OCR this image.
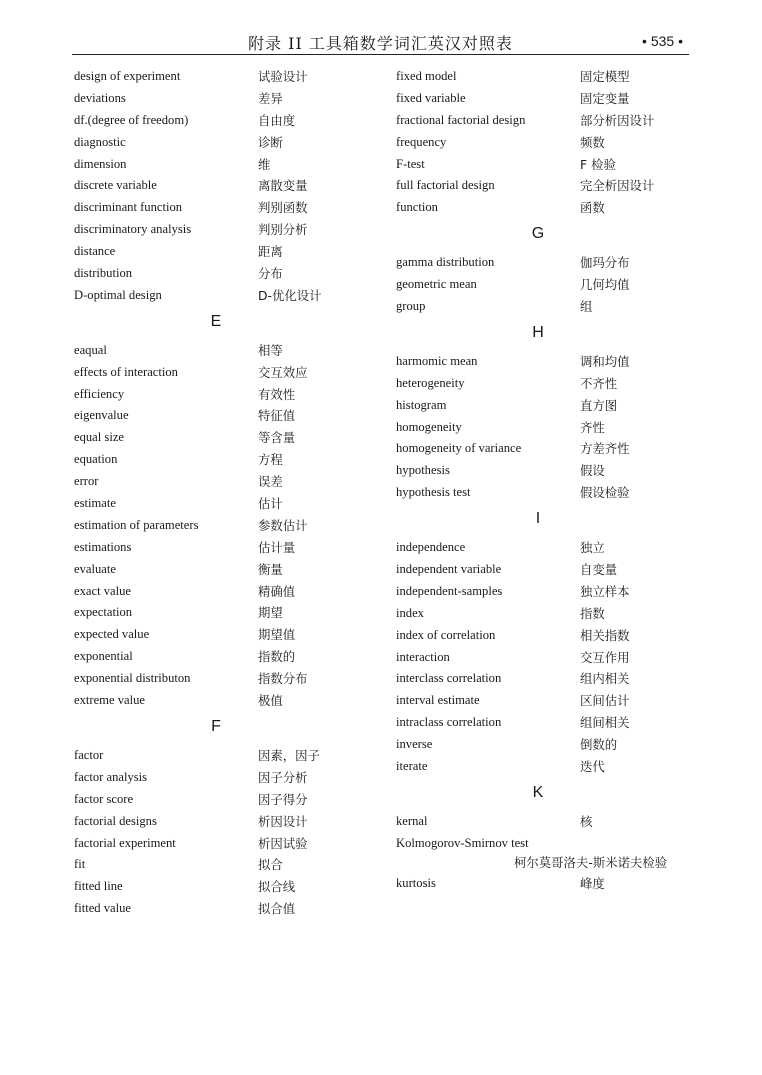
附录 II 工具箱数学词汇英汉对照表	• 535 •
design of experiment	试验设计
deviations	差异
df.(degree of freedom)	自由度
diagnostic	诊断
dimension	维
discrete variable	离散变量
discriminant function	判别函数
discriminatory analysis	判别分析
distance	距离
distribution	分布
D-optimal design	D-优化设计
E
eaqual	相等
effects of interaction	交互效应
efficiency	有效性
eigenvalue	特征值
equal size	等含量
equation	方程
error	误差
estimate	估计
estimation of parameters	参数估计
estimations	估计量
evaluate	衡量
exact value	精确值
expectation	期望
expected value	期望值
exponential	指数的
exponential distributon	指数分布
extreme value	极值
F
factor	因素，因子
factor analysis	因子分析
factor score	因子得分
factorial designs	析因设计
factorial experiment	析因试验
fit	拟合
fitted line	拟合线
fitted value	拟合值
fixed model	固定模型
fixed variable	固定变量
fractional factorial design	部分析因设计
frequency	频数
F-test	F 检验
full factorial design	完全析因设计
function	函数
G
gamma distribution	伽玛分布
geometric mean	几何均值
group	组
H
harmomic mean	调和均值
heterogeneity	不齐性
histogram	直方图
homogeneity	齐性
homogeneity of variance	方差齐性
hypothesis	假设
hypothesis test	假设检验
I
independence	独立
independent variable	自变量
independent-samples	独立样本
index	指数
index of correlation	相关指数
interaction	交互作用
interclass correlation	组内相关
interval estimate	区间估计
intraclass correlation	组间相关
inverse	倒数的
iterate	迭代
K
kernal	核
Kolmogorov-Smirnov test
柯尔莫哥洛夫-斯米诺夫检验
kurtosis	峰度
